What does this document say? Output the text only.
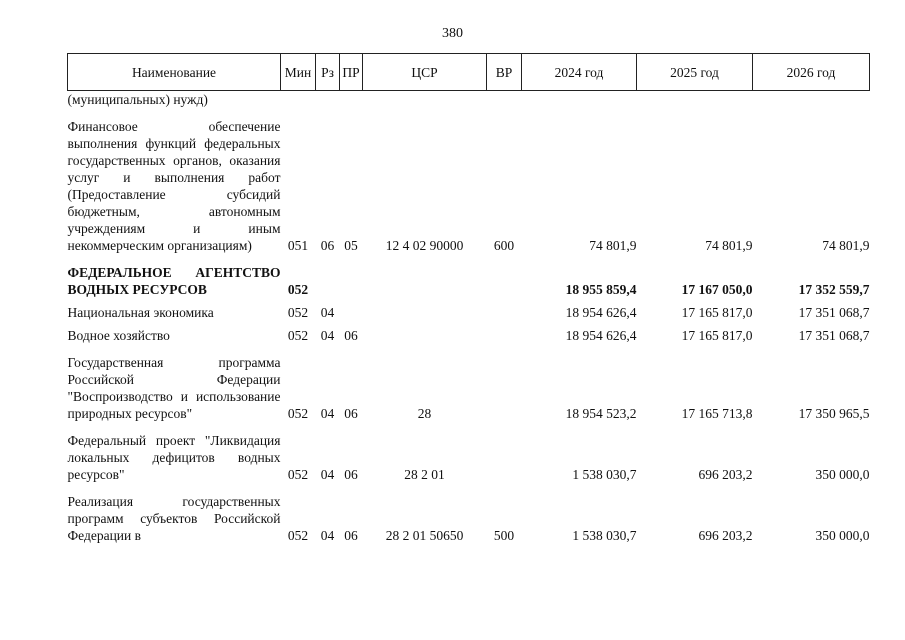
380
Наименование	Мин	Рз	ПР	ЦСР	ВР	2024 год	2025 год	2026 год
(муниципальных) нужд)								
Финансовое обеспечение выполнения функций федеральных государственных органов, оказания услуг и выполнения работ (Предоставление субсидий бюджетным, автономным учреждениям и иным некоммерческим организациям)	051	06	05	12 4 02 90000	600	74 801,9	74 801,9	74 801,9
ФЕДЕРАЛЬНОЕ АГЕНТСТВО ВОДНЫХ РЕСУРСОВ	052					18 955 859,4	17 167 050,0	17 352 559,7
Национальная экономика	052	04				18 954 626,4	17 165 817,0	17 351 068,7
Водное хозяйство	052	04	06			18 954 626,4	17 165 817,0	17 351 068,7
Государственная программа Российской Федерации "Воспроизводство и использование природных ресурсов"	052	04	06	28		18 954 523,2	17 165 713,8	17 350 965,5
Федеральный проект "Ликвидация локальных дефицитов водных ресурсов"	052	04	06	28 2 01		1 538 030,7	696 203,2	350 000,0
Реализация государственных программ субъектов Российской Федерации в	052	04	06	28 2 01 50650	500	1 538 030,7	696 203,2	350 000,0
